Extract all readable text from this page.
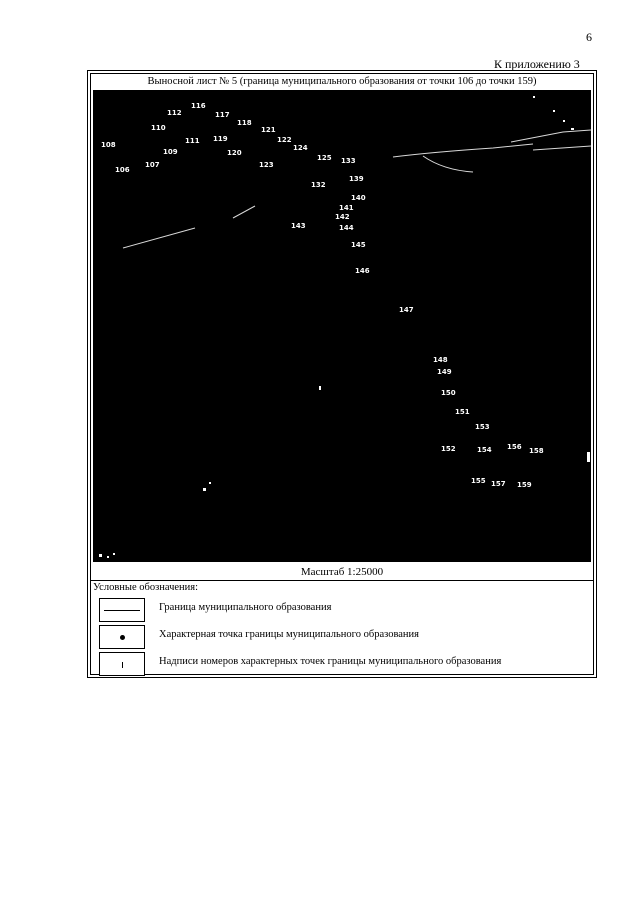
6
К приложению 3
Выносной лист № 5 (граница муниципального образования от точки 106 до точки 159)
106
107
108
109
110
111
112
116
117
118
119
120
121
122
123
124
125 133
132
139
140
141
142
143	144
145
146
147
148
149
150
151
153
152	154 156 158
155 157 159
Масштаб 1:25000
Условные обозначения:
Граница муниципального образования
Характерная точка границы муниципального образования
Надписи номеров характерных точек границы муниципального образования
